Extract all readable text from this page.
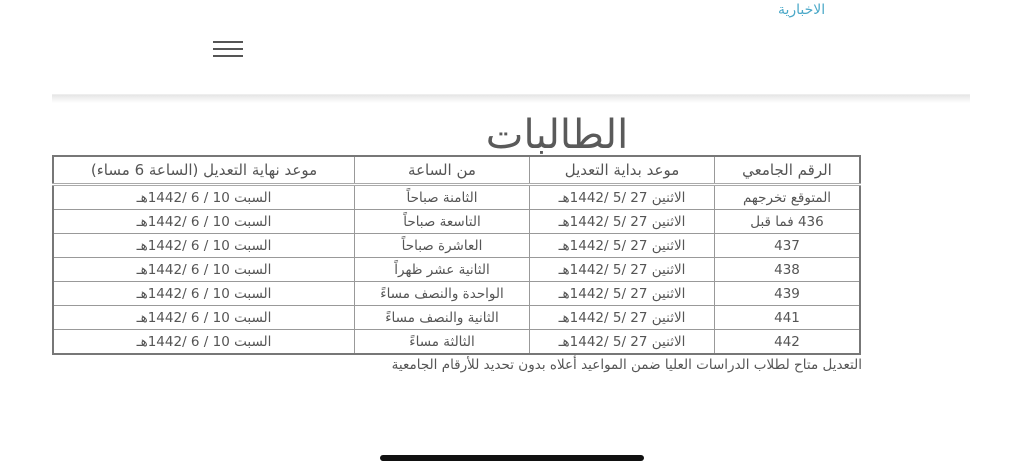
الاخبارية
الطالبات
الرقم الجامعي	موعد بداية التعديل	من الساعة	موعد نهاية التعديل (الساعة 6 مساء)
المتوقع تخرجهم	الاثنين 27 /5 /1442هـ	الثامنة صباحاً	السبت 10 / 6 /1442هـ
436 فما قبل	الاثنين 27 /5 /1442هـ	التاسعة صباحاً	السبت 10 / 6 /1442هـ
437	الاثنين 27 /5 /1442هـ	العاشرة صباحاً	السبت 10 / 6 /1442هـ
438	الاثنين 27 /5 /1442هـ	الثانية عشر ظهراً	السبت 10 / 6 /1442هـ
439	الاثنين 27 /5 /1442هـ	الواحدة والنصف مساءً	السبت 10 / 6 /1442هـ
441	الاثنين 27 /5 /1442هـ	الثانية والنصف مساءً	السبت 10 / 6 /1442هـ
442	الاثنين 27 /5 /1442هـ	الثالثة مساءً	السبت 10 / 6 /1442هـ
التعديل متاح لطلاب الدراسات العليا ضمن المواعيد أعلاه بدون تحديد للأرقام الجامعية
